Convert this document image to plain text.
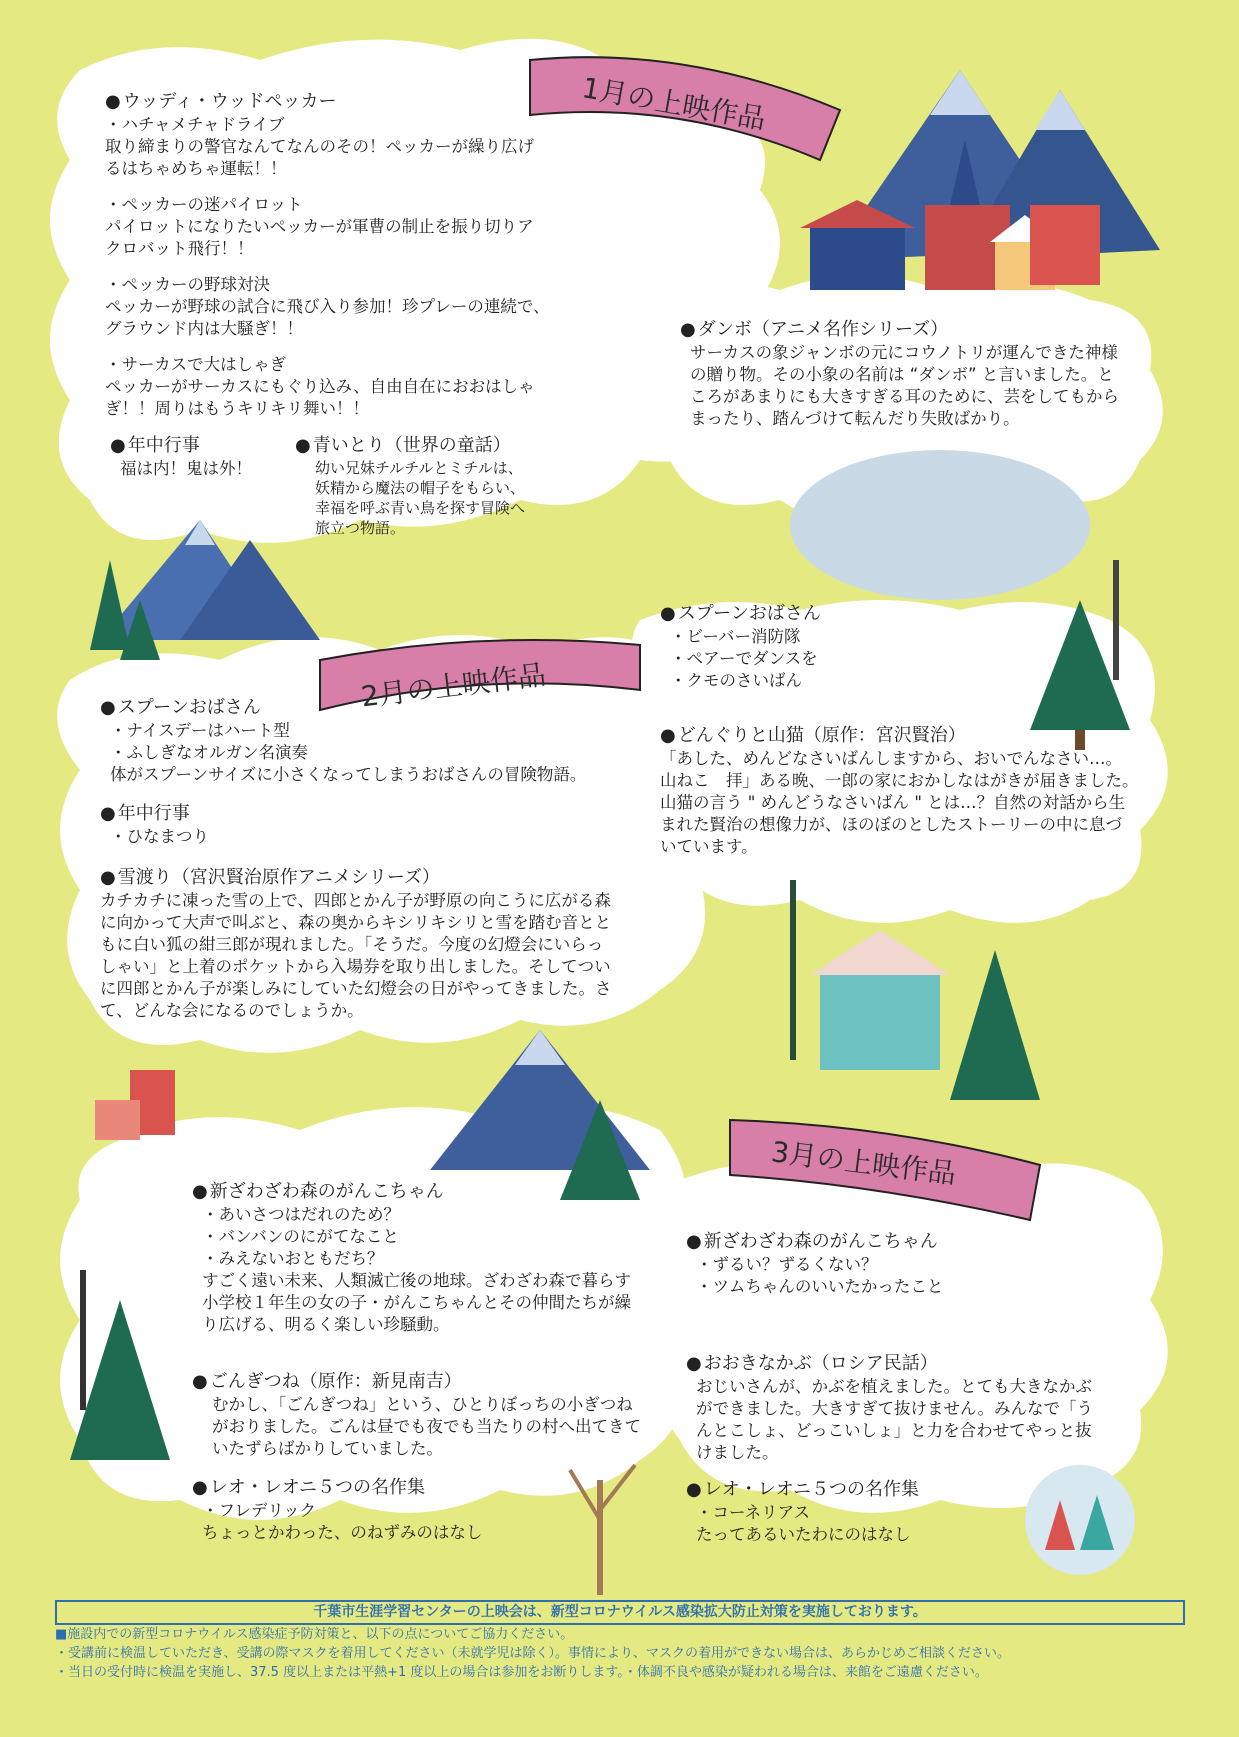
1月の上映作品
2月の上映作品
3月の上映作品
● ウッディ・ウッドペッカー
・ハチャメチャドライブ
取り締まりの警官なんてなんのその！ペッカーが繰り広げ
るはちゃめちゃ運転！！
・ペッカーの迷パイロット
パイロットになりたいペッカーが軍曹の制止を振り切りア
クロバット飛行！！
・ペッカーの野球対決
ペッカーが野球の試合に飛び入り参加！珍プレーの連続で、
グラウンド内は大騒ぎ！！
・サーカスで大はしゃぎ
ペッカーがサーカスにもぐり込み、自由自在におおはしゃ
ぎ！！周りはもうキリキリ舞い！！
● 年中行事
福は内！鬼は外！
● 青いとり（世界の童話）
幼い兄妹チルチルとミチルは、
妖精から魔法の帽子をもらい、
幸福を呼ぶ青い鳥を探す冒険へ
旅立つ物語。
● ダンボ（アニメ名作シリーズ）
サーカスの象ジャンボの元にコウノトリが運んできた神様
の贈り物。その小象の名前は “ダンボ” と言いました。と
ころがあまりにも大きすぎる耳のために、芸をしてもから
まったり、踏んづけて転んだり失敗ばかり。
● スプーンおばさん
・ナイスデーはハート型
・ふしぎなオルガン名演奏
体がスプーンサイズに小さくなってしまうおばさんの冒険物語。
● 年中行事
・ひなまつり
● 雪渡り（宮沢賢治原作アニメシリーズ）
カチカチに凍った雪の上で、四郎とかん子が野原の向こうに広がる森
に向かって大声で叫ぶと、森の奥からキシリキシリと雪を踏む音とと
もに白い狐の紺三郎が現れました。「そうだ。今度の幻燈会にいらっ
しゃい」と上着のポケットから入場券を取り出しました。そしてつい
に四郎とかん子が楽しみにしていた幻燈会の日がやってきました。さ
て、どんな会になるのでしょうか。
● スプーンおばさん
・ビーバー消防隊
・ペアーでダンスを
・クモのさいばん
● どんぐりと山猫（原作：宮沢賢治）
「あした、めんどなさいばんしますから、おいでんなさい…。
山ねこ　拝」ある晩、一郎の家におかしなはがきが届きました。
山猫の言う " めんどうなさいばん " とは…？自然の対話から生
まれた賢治の想像力が、ほのぼのとしたストーリーの中に息づ
いています。
● 新ざわざわ森のがんこちゃん
・あいさつはだれのため？
・バンバンのにがてなこと
・みえないおともだち？
すごく遠い未来、人類滅亡後の地球。ざわざわ森で暮らす
小学校１年生の女の子・がんこちゃんとその仲間たちが繰
り広げる、明るく楽しい珍騒動。
● ごんぎつね（原作：新見南吉）
むかし、「ごんぎつね」という、ひとりぼっちの小ぎつね
がおりました。ごんは昼でも夜でも当たりの村へ出てきて
いたずらばかりしていました。
● レオ・レオニ５つの名作集
・フレデリック
ちょっとかわった、のねずみのはなし
● 新ざわざわ森のがんこちゃん
・ずるい？ずるくない？
・ツムちゃんのいいたかったこと
● おおきなかぶ（ロシア民話）
おじいさんが、かぶを植えました。とても大きなかぶ
ができました。大きすぎて抜けません。みんなで「う
んとこしょ、どっこいしょ」と力を合わせてやっと抜
けました。
● レオ・レオニ５つの名作集
・コーネリアス
たってあるいたわにのはなし
千葉市生涯学習センターの上映会は、新型コロナウイルス感染拡大防止対策を実施しております。
■施設内での新型コロナウイルス感染症予防対策と、以下の点についてご協力ください。
・受講前に検温していただき、受講の際マスクを着用してください（未就学児は除く）。事情により、マスクの着用ができない場合は、あらかじめご相談ください。
・当日の受付時に検温を実施し、37.5 度以上または平熱+1 度以上の場合は参加をお断りします。・体調不良や感染が疑われる場合は、来館をご遠慮ください。
